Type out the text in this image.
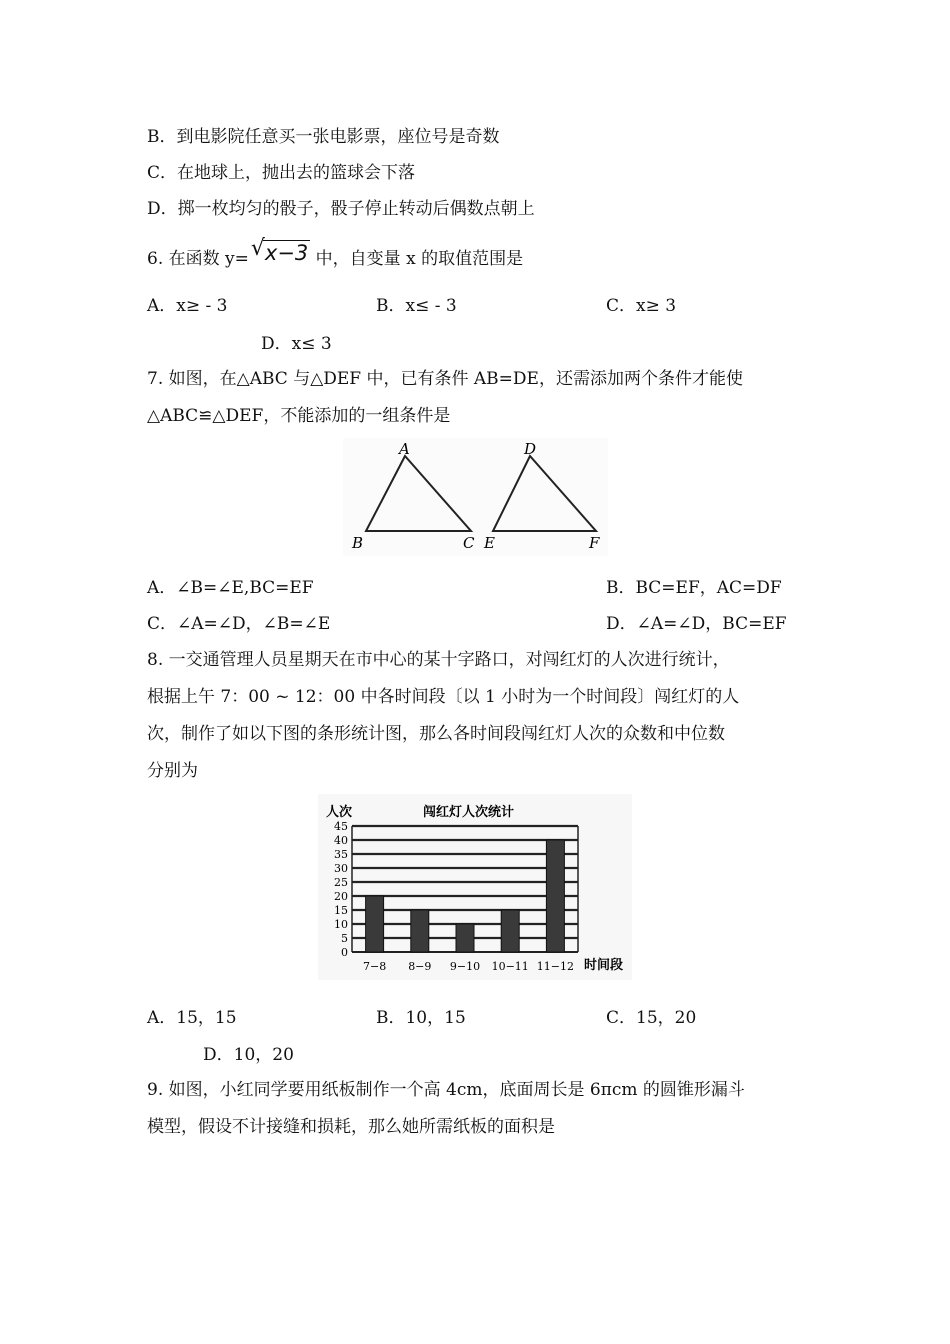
B．到电影院任意买一张电影票，座位号是奇数
C．在地球上，抛出去的篮球会下落
D．掷一枚均匀的骰子，骰子停止转动后偶数点朝上
6. 在函数 y= √ x−3 中，自变量 x 的取值范围是
A．x≥ - 3	B．x≤ - 3	C．x≥ 3
D．x≤ 3
7. 如图，在△ABC 与△DEF 中，已有条件 AB=DE，还需添加两个条件才能使
△ABC≌△DEF，不能添加的一组条件是
A
B	C
D
E	F
A．∠B=∠E,BC=EF	B．BC=EF，AC=DF
C．∠A=∠D，∠B=∠E	D．∠A=∠D，BC=EF
8. 一交通管理人员星期天在市中心的某十字路口，对闯红灯的人次进行统计，
根据上午 7：00 ~ 12：00 中各时间段〔以 1 小时为一个时间段〕闯红灯的人
次，制作了如以下图的条形统计图，那么各时间段闯红灯人次的众数和中位数
分别为
人次	闯红灯人次统计
时间段
0
5
10
15
20
25
30
35
40
45
7−8 8−9 9−10 10−11 11−12
A．15，15	B．10，15	C．15，20
D．10，20
9. 如图，小红同学要用纸板制作一个高 4cm，底面周长是 6πcm 的圆锥形漏斗
模型，假设不计接缝和损耗，那么她所需纸板的面积是
